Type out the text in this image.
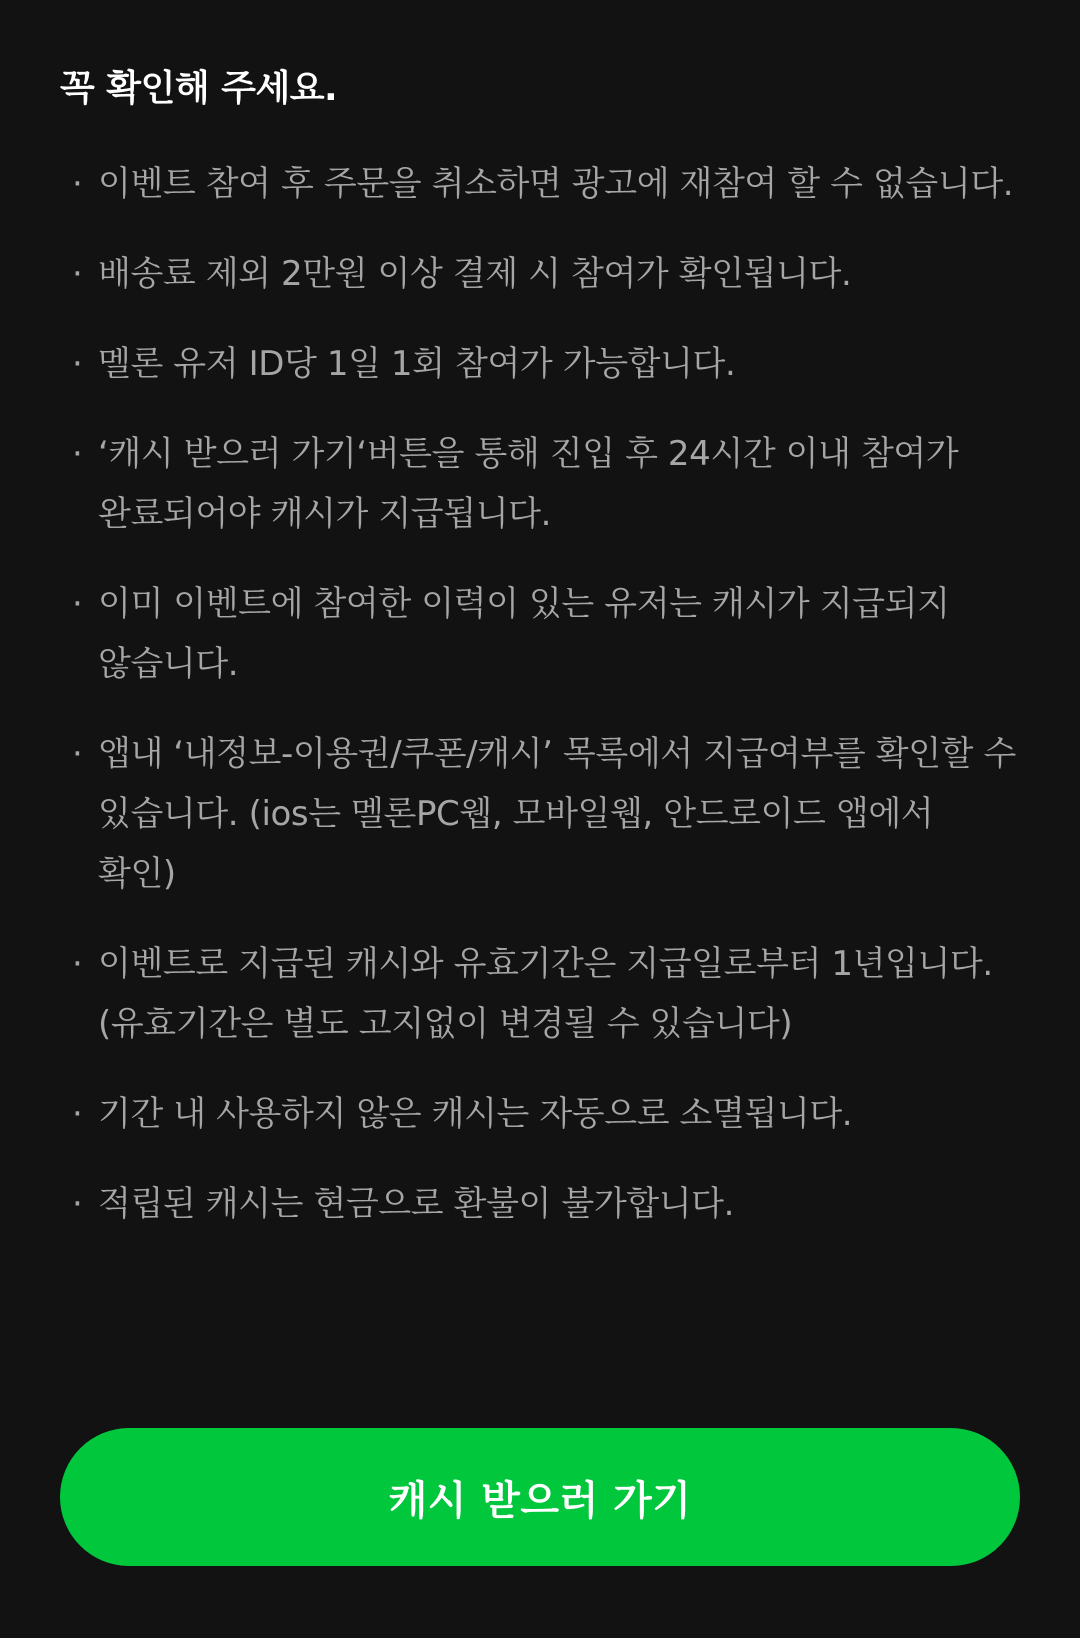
꼭 확인해 주세요.
· 이벤트 참여 후 주문을 취소하면 광고에 재참여 할 수 없습니다.
· 배송료 제외 2만원 이상 결제 시 참여가 확인됩니다.
· 멜론 유저 ID당 1일 1회 참여가 가능합니다.
· ‘캐시 받으러 가기‘버튼을 통해 진입 후 24시간 이내 참여가 완료되어야 캐시가 지급됩니다.
· 이미 이벤트에 참여한 이력이 있는 유저는 캐시가 지급되지 않습니다.
· 앱내 ‘내정보-이용권/쿠폰/캐시’ 목록에서 지급여부를 확인할 수 있습니다. (ios는 멜론PC웹, 모바일웹, 안드로이드 앱에서 확인)
· 이벤트로 지급된 캐시와 유효기간은 지급일로부터 1년입니다. (유효기간은 별도 고지없이 변경될 수 있습니다)
· 기간 내 사용하지 않은 캐시는 자동으로 소멸됩니다.
· 적립된 캐시는 현금으로 환불이 불가합니다.
캐시 받으러 가기
